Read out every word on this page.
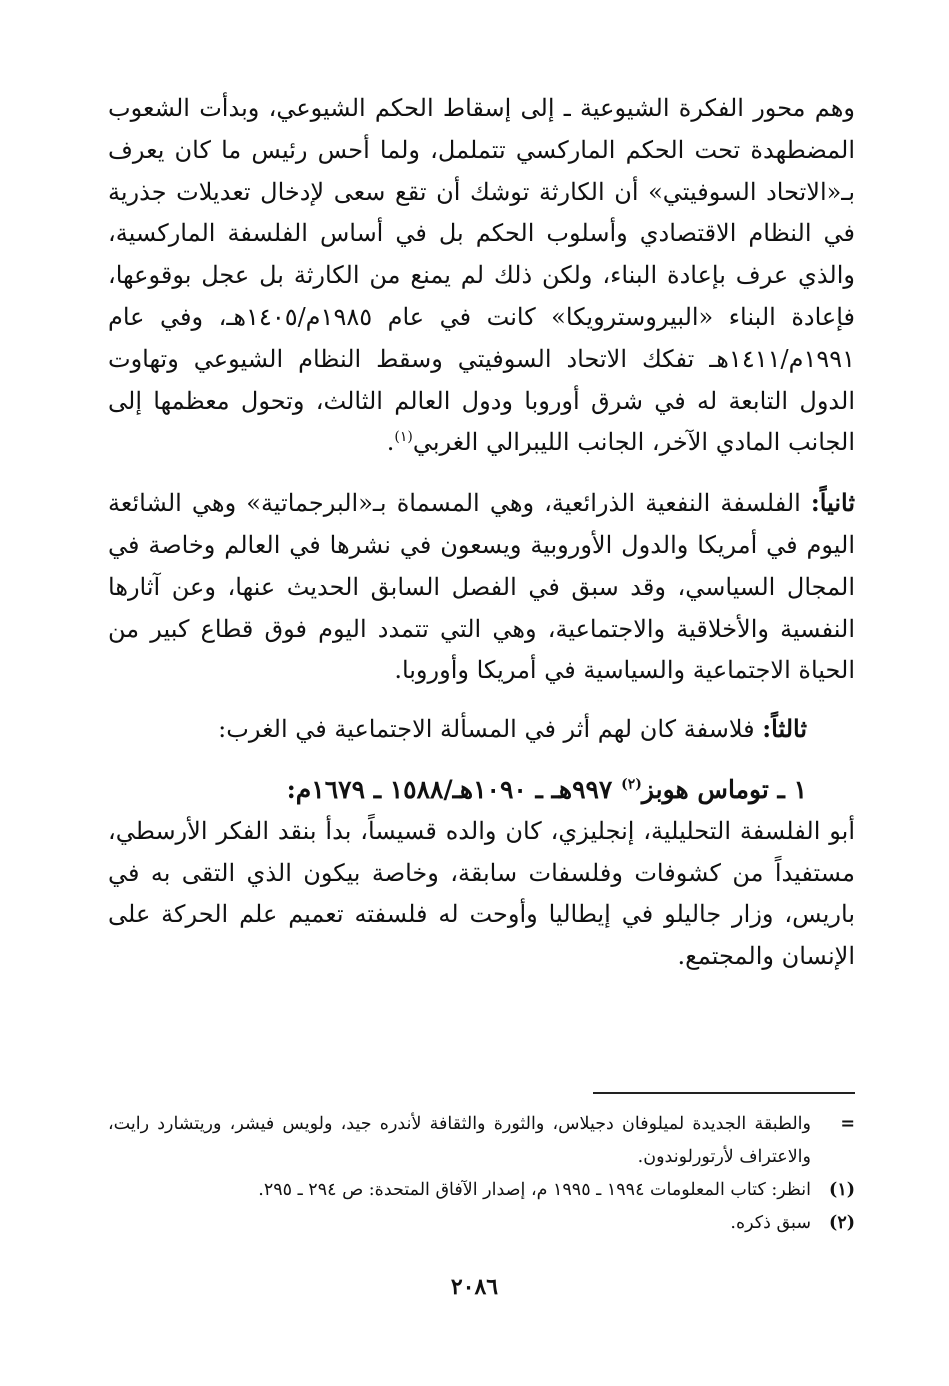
وهم محور الفكرة الشيوعية ـ إلى إسقاط الحكم الشيوعي، وبدأت الشعوب المضطهدة تحت الحكم الماركسي تتململ، ولما أحس رئيس ما كان يعرف بـ«الاتحاد السوفيتي» أن الكارثة توشك أن تقع سعى لإدخال تعديلات جذرية في النظام الاقتصادي وأسلوب الحكم بل في أساس الفلسفة الماركسية، والذي عرف بإعادة البناء، ولكن ذلك لم يمنع من الكارثة بل عجل بوقوعها، فإعادة البناء «البيروسترويكا» كانت في عام ١٩٨٥م/١٤٠٥هـ، وفي عام ١٩٩١م/١٤١١هـ تفكك الاتحاد السوفيتي وسقط النظام الشيوعي وتهاوت الدول التابعة له في شرق أوروبا ودول العالم الثالث، وتحول معظمها إلى الجانب المادي الآخر، الجانب الليبرالي الغربي$^{(١)}$.

ثانياً: الفلسفة النفعية الذرائعية، وهي المسماة بـ«البرجماتية» وهي الشائعة اليوم في أمريكا والدول الأوروبية ويسعون في نشرها في العالم وخاصة في المجال السياسي، وقد سبق في الفصل السابق الحديث عنها، وعن آثارها النفسية والأخلاقية والاجتماعية، وهي التي تتمدد اليوم فوق قطاع كبير من الحياة الاجتماعية والسياسية في أمريكا وأوروبا.

ثالثاً: فلاسفة كان لهم أثر في المسألة الاجتماعية في الغرب:

١ ـ توماس هوبز$^{(٢)}$ ٩٩٧هـ ـ ١٠٩٠هـ/١٥٨٨ ـ ١٦٧٩م:

أبو الفلسفة التحليلية، إنجليزي، كان والده قسيساً، بدأ بنقد الفكر الأرسطي، مستفيداً من كشوفات وفلسفات سابقة، وخاصة بيكون الذي التقى به في باريس، وزار جاليلو في إيطاليا وأوحت له فلسفته تعميم علم الحركة على الإنسان والمجتمع.

=
والطبقة الجديدة لميلوفان دجيلاس، والثورة والثقافة لأندره جيد، ولويس فيشر، وريتشارد رايت، والاعتراف لأرتورلوندون.
(١)
انظر: كتاب المعلومات ١٩٩٤ ـ ١٩٩٥ م، إصدار الآفاق المتحدة: ص ٢٩٤ ـ ٢٩٥.
(٢)
سبق ذكره.
٢٠٨٦
